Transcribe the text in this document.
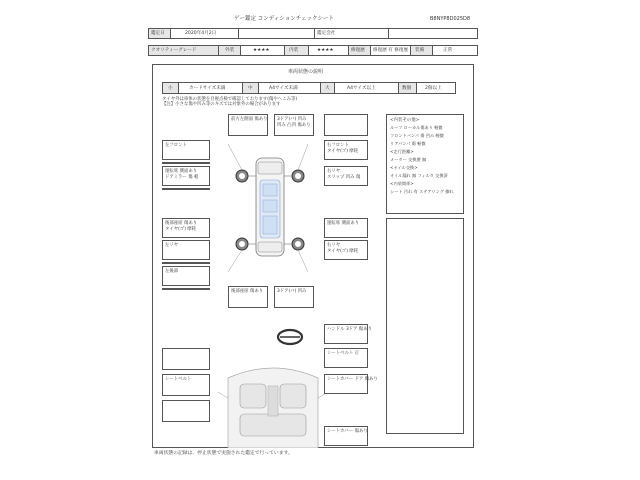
ゲー鑑定 コンディションチェックシート	B8NYP8D025D8
鑑定日	2020年4月2日	鑑定会社
クオリティーグレード	外装	★★★★	内装	★★★★	修復歴 修復歴 有 修復歴 装備	正常
車両状態の説明
小	カードサイズ未満	中	A4サイズ未満	大	A4サイズ以上	数個	2個以上
タイヤ外は車体の状態を目視点検で確認しております(傷やへこみ等)
【注】小さな傷や凹み等のキズでは対象外の場合があります
<内装その他>
ルーフ ローカル傷あり 軽微
フロントバンパ 傷 凹み 軽微
リアバンパ 傷 軽微
<走行距離>
メーター 交換歴 無
<オイル交換>
オイル漏れ 無 フィルタ 交換済
<内装関係>
シート 汚れ 有 ステアリング 擦れ
車両状態の記録は、停止状態で実施された鑑定で行っています。
左フロント
運転席 側面あり
ドアミラー 傷 軽
後部座席 傷あり
タイヤ(ゴ) 摩耗
左リヤ
左後部
前方左側面 傷あり 3ドア(バ) 凹み
凹み 凸凹 傷あり
右フロント
タイヤ(ゴ) 摩耗
右リヤ
スリップ 凹み 傷
運転席 側面あり
右リヤ
タイヤ(ゴ) 摩耗
後部座席 傷あり	3ドア(バ) 凹み
ハンドル 3ドア 傷あり
シートベルト 正
シートカバー ドア 傷あり
シートカバー 傷あり
シートベルト
